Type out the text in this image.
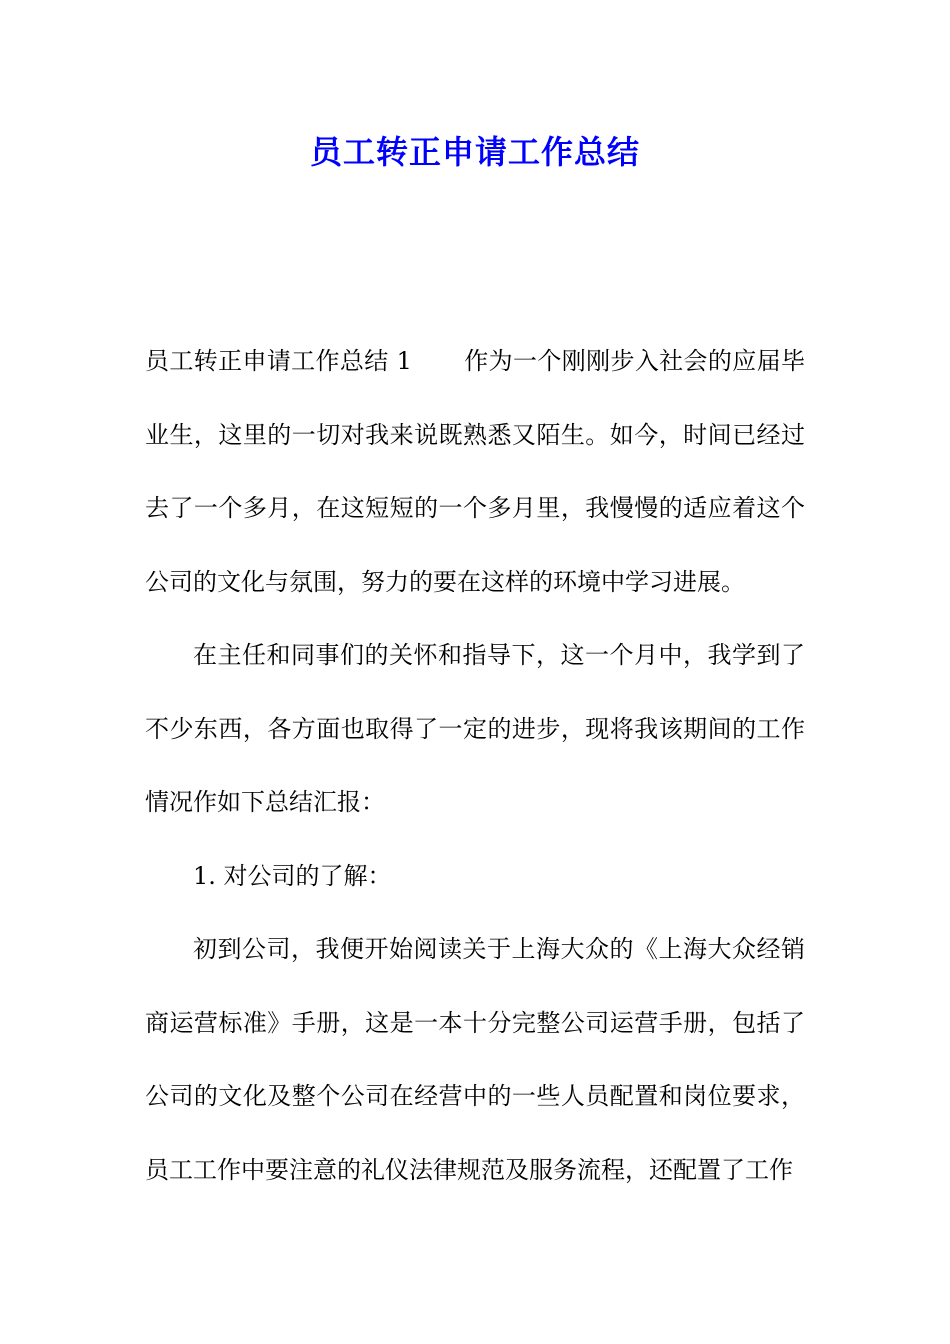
员工转正申请工作总结

员工转正申请工作总结 1 作为一个刚刚步入社会的应届毕业生，这里的一切对我来说既熟悉又陌生。如今，时间已经过去了一个多月，在这短短的一个多月里，我慢慢的适应着这个公司的文化与氛围，努力的要在这样的环境中学习进展。

在主任和同事们的关怀和指导下，这一个月中，我学到了不少东西，各方面也取得了一定的进步，现将我该期间的工作情况作如下总结汇报：

1. 对公司的了解：

初到公司，我便开始阅读关于上海大众的《上海大众经销商运营标准》手册，这是一本十分完整公司运营手册，包括了公司的文化及整个公司在经营中的一些人员配置和岗位要求，员工工作中要注意的礼仪法律规范及服务流程，还配置了工作
